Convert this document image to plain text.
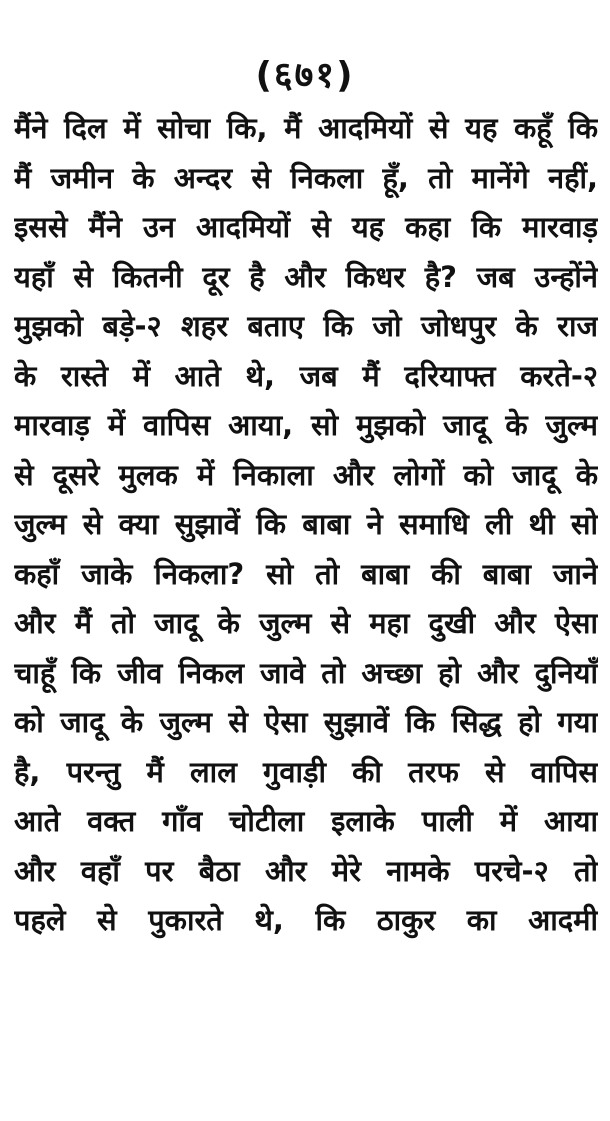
(६७१)
मैंने दिल में सोचा कि, मैं आदमियों से यह कहूँ कि
मैं जमीन के अन्दर से निकला हूँ, तो मानेंगे नहीं,
इससे मैंने उन आदमियों से यह कहा कि मारवाड़
यहाँ से कितनी दूर है और किधर है? जब उन्होंने
मुझको बड़े-२ शहर बताए कि जो जोधपुर के राज
के रास्ते में आते थे, जब मैं दरियाफ्त करते-२
मारवाड़ में वापिस आया, सो मुझको जादू के जुल्म
से दूसरे मुलक में निकाला और लोगों को जादू के
जुल्म से क्या सुझावें कि बाबा ने समाधि ली थी सो
कहाँ जाके निकला? सो तो बाबा की बाबा जाने
और मैं तो जादू के जुल्म से महा दुखी और ऐसा
चाहूँ कि जीव निकल जावे तो अच्छा हो और दुनियाँ
को जादू के जुल्म से ऐसा सुझावें कि सिद्ध हो गया
है, परन्तु मैं लाल गुवाड़ी की तरफ से वापिस
आते वक्त गाँव चोटीला इलाके पाली में आया
और वहाँ पर बैठा और मेरे नामके परचे-२ तो
पहले से पुकारते थे, कि ठाकुर का आदमी
